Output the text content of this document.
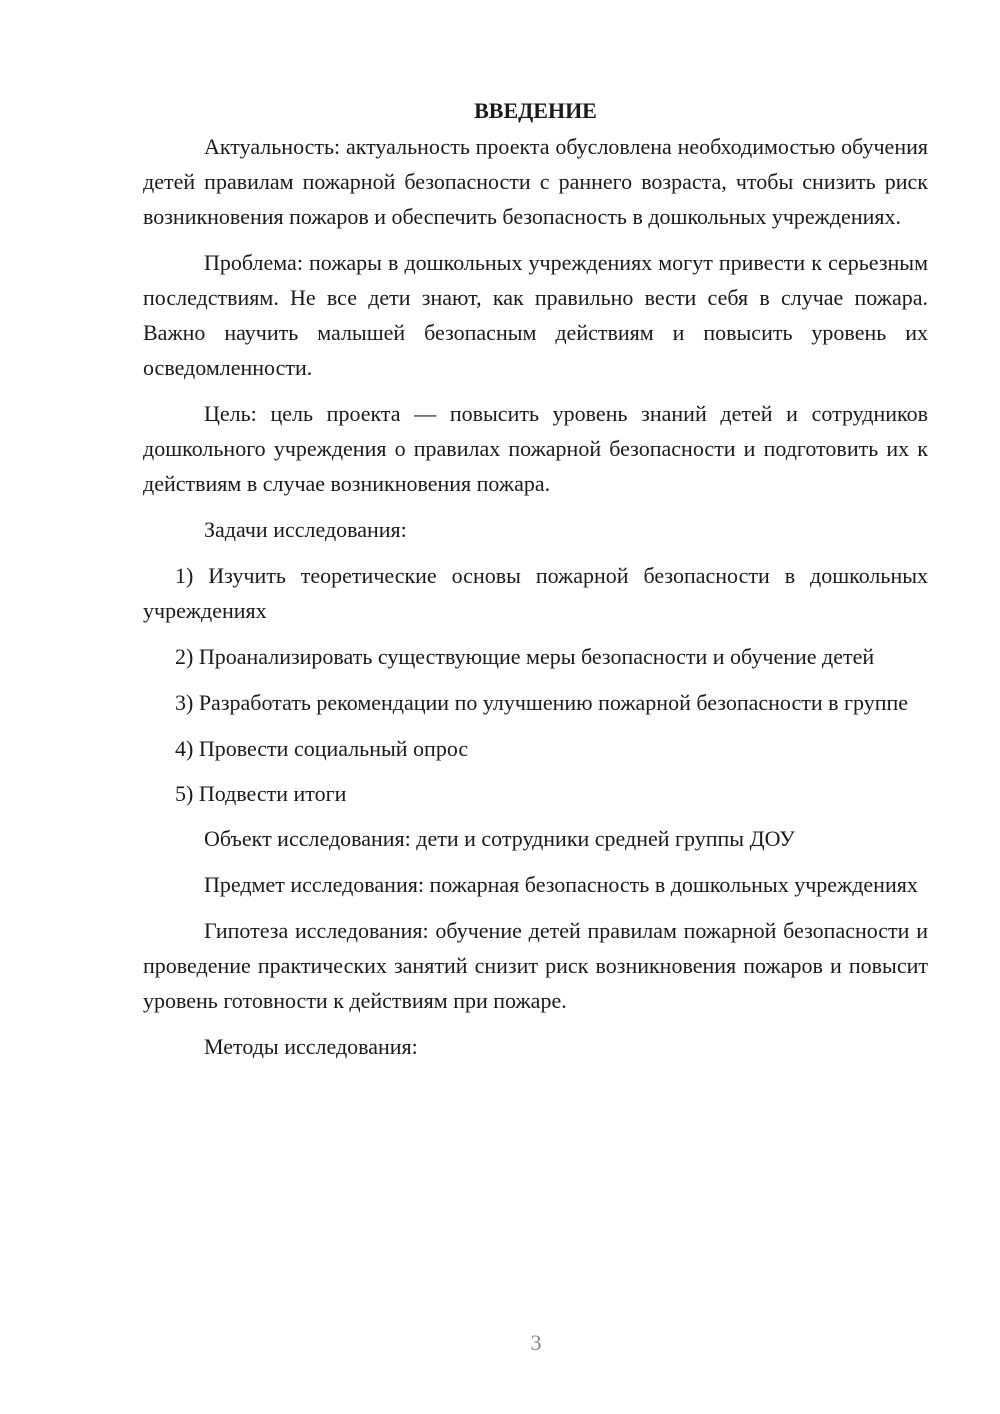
ВВЕДЕНИЕ

Актуальность: актуальность проекта обусловлена необходимостью обучения детей правилам пожарной безопасности с раннего возраста, чтобы снизить риск возникновения пожаров и обеспечить безопасность в дошкольных учреждениях.

Проблема: пожары в дошкольных учреждениях могут привести к серьезным последствиям. Не все дети знают, как правильно вести себя в случае пожара. Важно научить малышей безопасным действиям и повысить уровень их осведомленности.

Цель: цель проекта — повысить уровень знаний детей и сотрудников дошкольного учреждения о правилах пожарной безопасности и подготовить их к действиям в случае возникновения пожара.

Задачи исследования:

1) Изучить теоретические основы пожарной безопасности в дошкольных учреждениях

2) Проанализировать существующие меры безопасности и обучение детей

3) Разработать рекомендации по улучшению пожарной безопасности в группе

4) Провести социальный опрос

5) Подвести итоги

Объект исследования: дети и сотрудники средней группы ДОУ

Предмет исследования: пожарная безопасность в дошкольных учреждениях

Гипотеза исследования: обучение детей правилам пожарной безопасности и проведение практических занятий снизит риск возникновения пожаров и повысит уровень готовности к действиям при пожаре.

Методы исследования:

3
